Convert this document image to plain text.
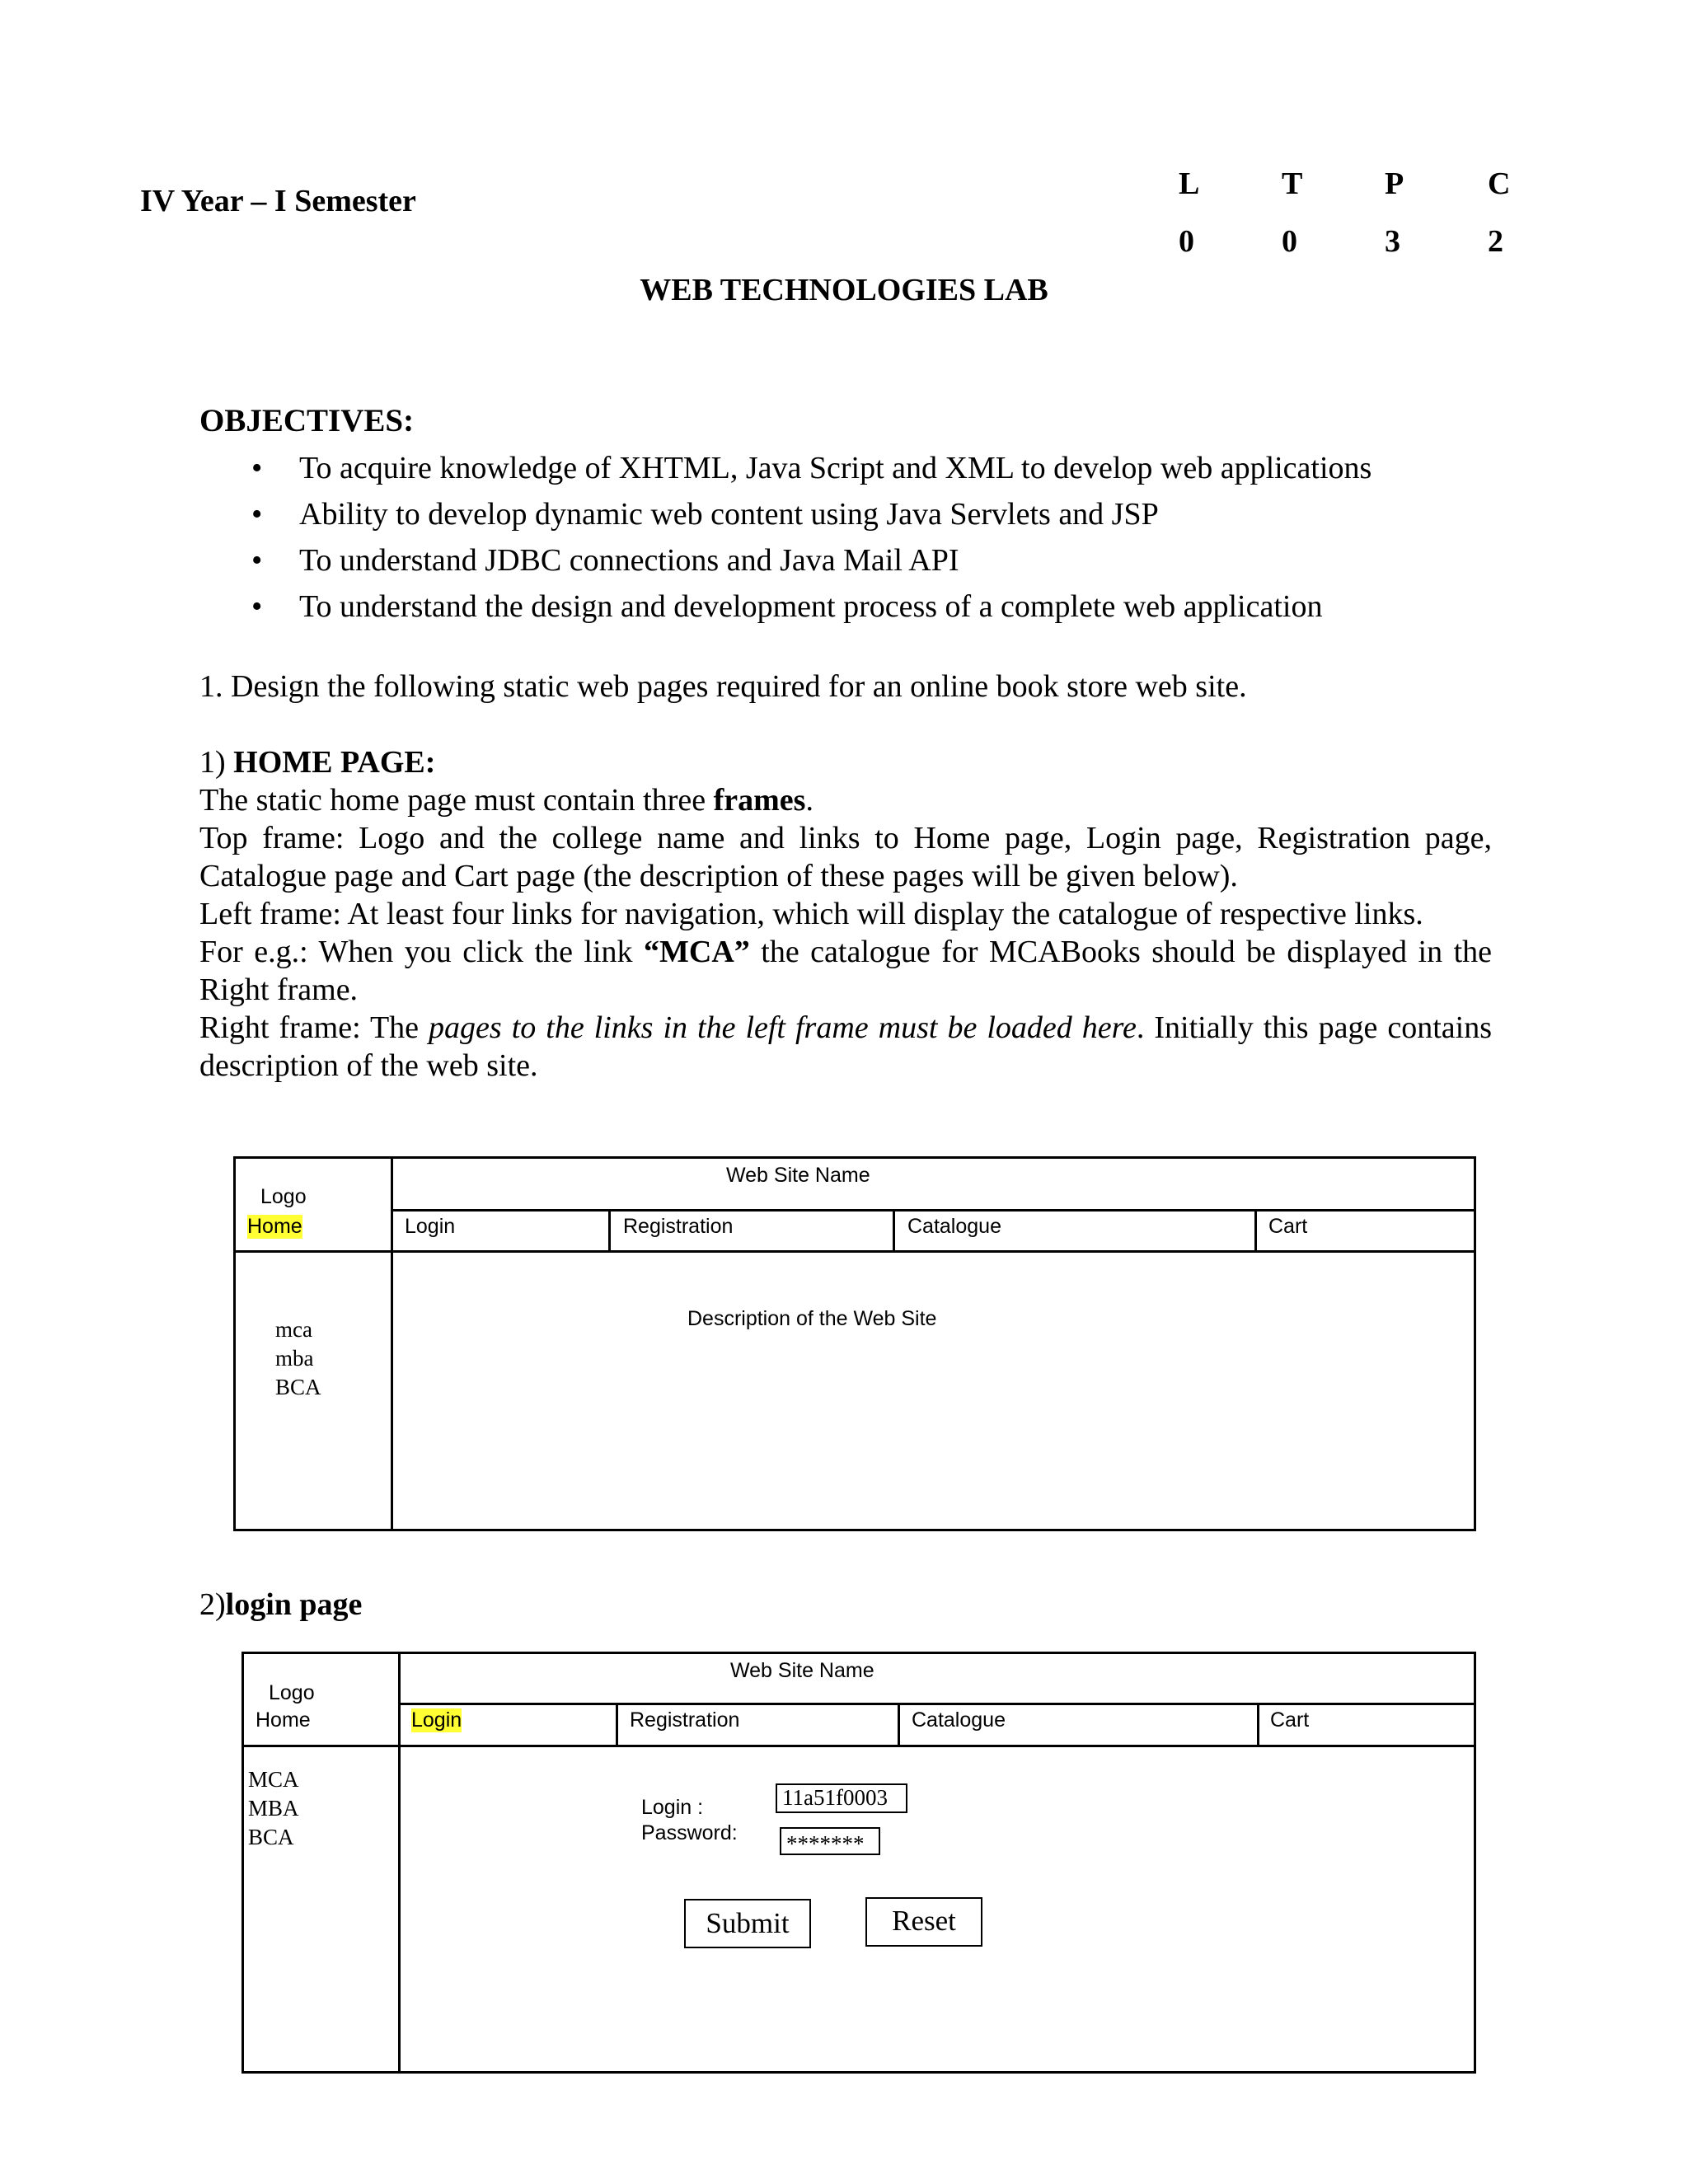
IV Year – I Semester	L	T	P	C
0	0	3	2
WEB TECHNOLOGIES LAB
OBJECTIVES:
• To acquire knowledge of XHTML, Java Script and XML to develop web applications
• Ability to develop dynamic web content using Java Servlets and JSP
• To understand JDBC connections and Java Mail API
• To understand the design and development process of a complete web application
1. Design the following static web pages required for an online book store web site.

1) HOME PAGE:

The static home page must contain three frames.

Top frame: Logo and the college name and links to Home page, Login page, Registration page, Catalogue page and Cart page (the description of these pages will be given below).

Left frame: At least four links for navigation, which will display the catalogue of respective links.

For e.g.: When you click the link “MCA” the catalogue for MCABooks should be displayed in the Right frame.

Right frame: The pages to the links in the left frame must be loaded here. Initially this page contains description of the web site.

Web Site Name
Logo
Home	Login	Registration	Catalogue	Cart
mca
mba
BCA
Description of the Web Site
2)login page
Web Site Name
Logo
Home	Login	Registration	Catalogue	Cart
MCA
MBA
BCA
Login :
Password:
11a51f0003
*******
Submit	Reset
